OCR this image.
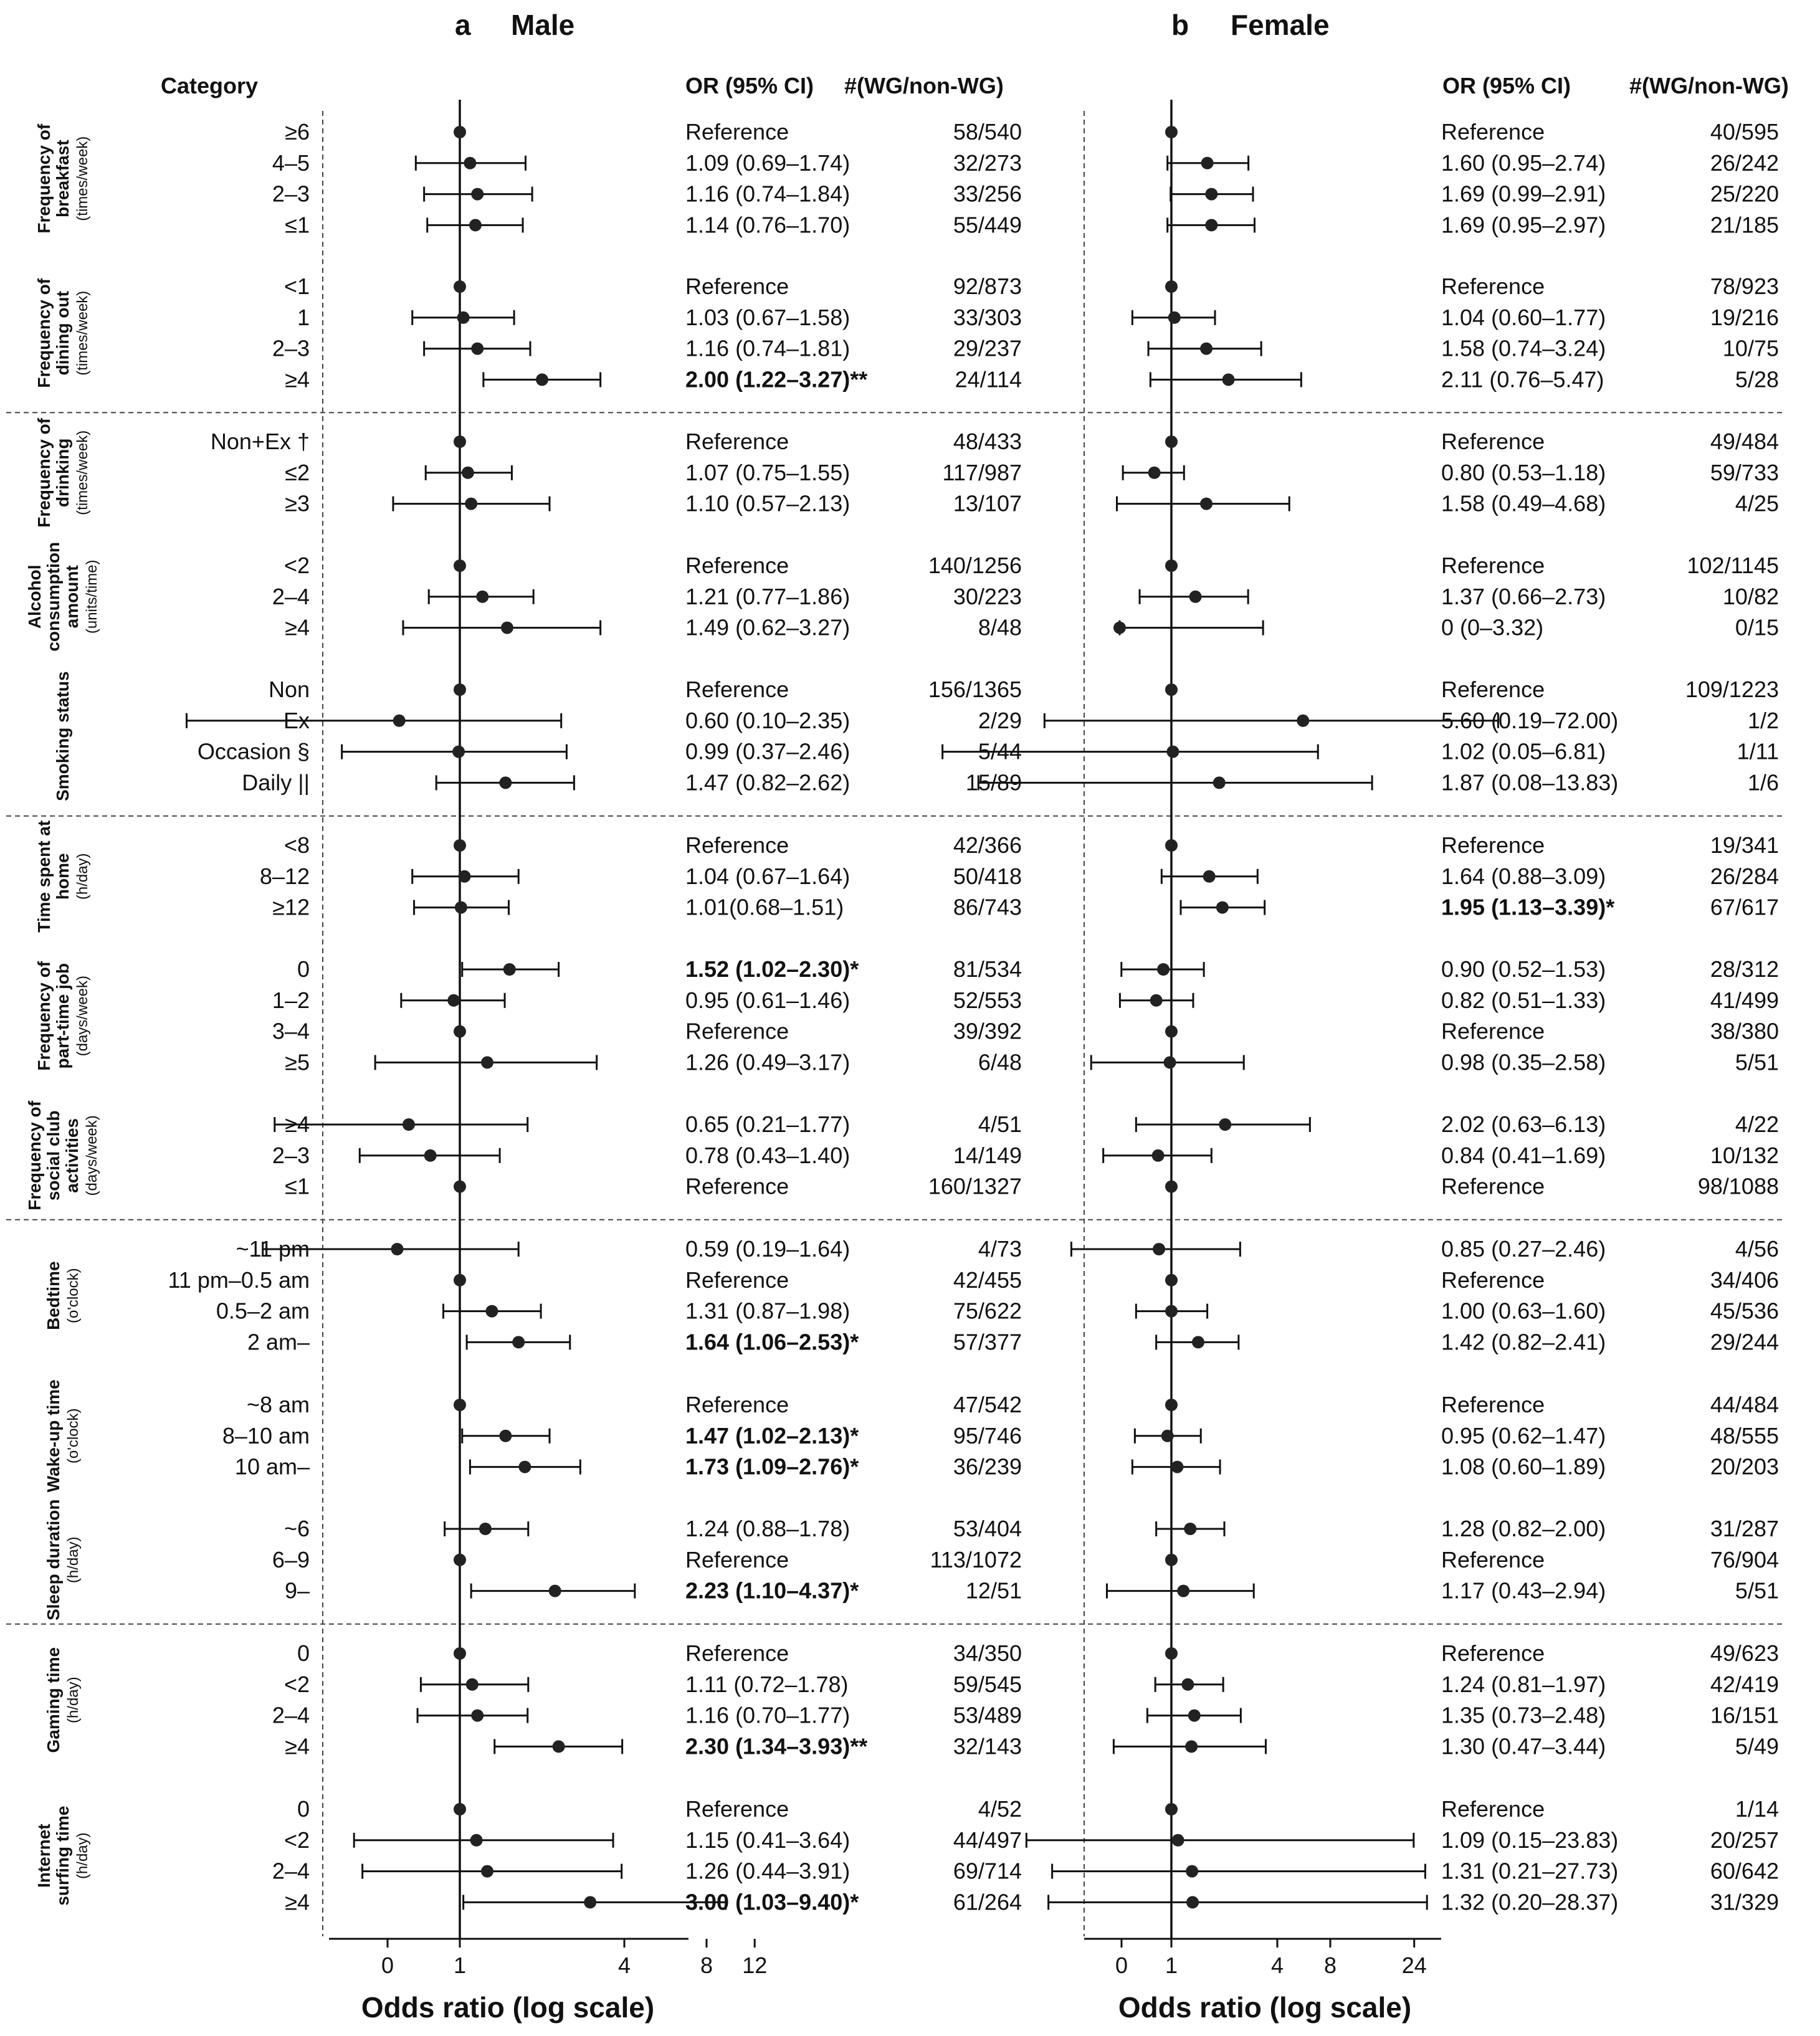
0	1	4	8 12
Odds ratio (log scale)
0 1	4 8	24
Odds ratio (log scale)
Category
a Male
OR (95% CI) #(WG/non-WG)
b Female
OR (95% CI)	#(WG/non-WG)
Frequency ofbreakfast (times/week)
≥6	Reference	58/540	Reference	40/595
4–5	1.09 (0.69–1.74)	32/273	1.60 (0.95–2.74)	26/242
2–3	1.16 (0.74–1.84)	33/256	1.69 (0.99–2.91)	25/220
≤1	1.14 (0.76–1.70)	55/449	1.69 (0.95–2.97)	21/185
Frequency ofdining out (times/week)
<1	Reference	92/873	Reference	78/923
1	1.03 (0.67–1.58)	33/303	1.04 (0.60–1.77)	19/216
2–3	1.16 (0.74–1.81)	29/237	1.58 (0.74–3.24)	10/75
≥4	2.00 (1.22–3.27)**	24/114	2.11 (0.76–5.47)	5/28
Frequency ofdrinking (times/week)	Non+Ex †	Reference	48/433	Reference	49/484
≤2	1.07 (0.75–1.55)	117/987	0.80 (0.53–1.18)	59/733
≥3	1.10 (0.57–2.13)	13/107	1.58 (0.49–4.68)	4/25
Alcoholconsumptionamount (units/time)	<2	Reference	140/1256	Reference	102/1145
2–4	1.21 (0.77–1.86)	30/223	1.37 (0.66–2.73)	10/82
≥4	1.49 (0.62–3.27)	8/48	0 (0–3.32)	0/15
Smoking status	Non	Reference	156/1365	Reference	109/1223
Ex	0.60 (0.10–2.35)	2/29	5.60 (0.19–72.00)	1/2
Occasion §	0.99 (0.37–2.46)	5/44	1.02 (0.05–6.81)	1/11
Daily ||	1.47 (0.82–2.62)	15/89	1.87 (0.08–13.83)	1/6
Time spent athome (h/day)
<8	Reference	42/366	Reference	19/341
8–12	1.04 (0.67–1.64)	50/418	1.64 (0.88–3.09)	26/284
≥12	1.01(0.68–1.51)	86/743	1.95 (1.13–3.39)*	67/617
Frequency ofpart-time job (days/week)
0	1.52 (1.02–2.30)*	81/534	0.90 (0.52–1.53)	28/312
1–2	0.95 (0.61–1.46)	52/553	0.82 (0.51–1.33)	41/499
3–4	Reference	39/392	Reference	38/380
≥5	1.26 (0.49–3.17)	6/48	0.98 (0.35–2.58)	5/51
Frequency ofsocial clubactivities (days/week)	≥4	0.65 (0.21–1.77)	4/51	2.02 (0.63–6.13)	4/22
2–3	0.78 (0.43–1.40)	14/149	0.84 (0.41–1.69)	10/132
≤1	Reference	160/1327	Reference	98/1088
Bedtime (o'clock)
~11 pm	0.59 (0.19–1.64)	4/73	0.85 (0.27–2.46)	4/56
11 pm–0.5 am	Reference	42/455	Reference	34/406
0.5–2 am	1.31 (0.87–1.98)	75/622	1.00 (0.63–1.60)	45/536
2 am–	1.64 (1.06–2.53)*	57/377	1.42 (0.82–2.41)	29/244
Wake-up time (o'clock)
~8 am	Reference	47/542	Reference	44/484
8–10 am	1.47 (1.02–2.13)*	95/746	0.95 (0.62–1.47)	48/555
10 am–	1.73 (1.09–2.76)*	36/239	1.08 (0.60–1.89)	20/203
Sleep duration (h/day)
~6	1.24 (0.88–1.78)	53/404	1.28 (0.82–2.00)	31/287
6–9	Reference	113/1072	Reference	76/904
9–	2.23 (1.10–4.37)*	12/51	1.17 (0.43–2.94)	5/51
Gaming time (h/day)
0	Reference	34/350	Reference	49/623
<2	1.11 (0.72–1.78)	59/545	1.24 (0.81–1.97)	42/419
2–4	1.16 (0.70–1.77)	53/489	1.35 (0.73–2.48)	16/151
≥4	2.30 (1.34–3.93)**	32/143	1.30 (0.47–3.44)	5/49
Internetsurfing time (h/day)
0	Reference	4/52	Reference	1/14
<2	1.15 (0.41–3.64)	44/497	1.09 (0.15–23.83)	20/257
2–4	1.26 (0.44–3.91)	69/714	1.31 (0.21–27.73)	60/642
≥4	3.00 (1.03–9.40)*	61/264	1.32 (0.20–28.37)	31/329
